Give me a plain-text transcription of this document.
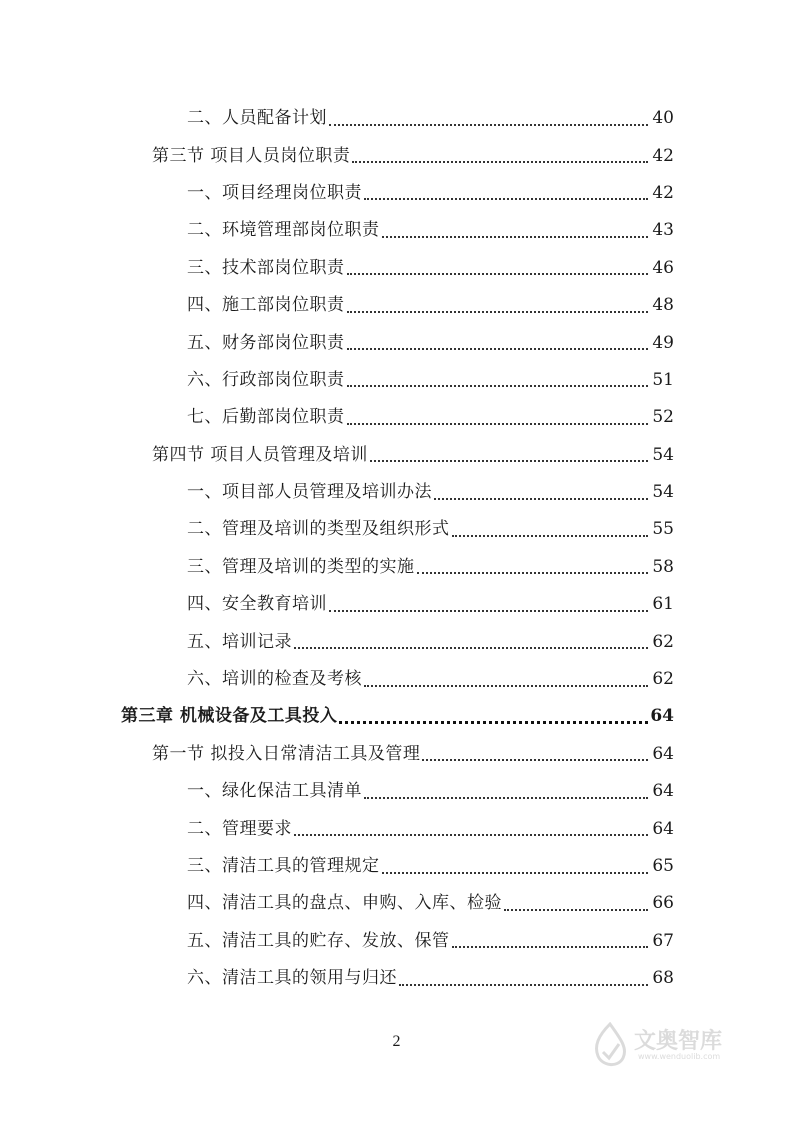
二、人员配备计划	40
第三节 项目人员岗位职责	42
一、项目经理岗位职责	42
二、环境管理部岗位职责	43
三、技术部岗位职责	46
四、施工部岗位职责	48
五、财务部岗位职责	49
六、行政部岗位职责	51
七、后勤部岗位职责	52
第四节 项目人员管理及培训	54
一、项目部人员管理及培训办法	54
二、管理及培训的类型及组织形式	55
三、管理及培训的类型的实施	58
四、安全教育培训	61
五、培训记录	62
六、培训的检查及考核	62
第三章 机械设备及工具投入	64
第一节 拟投入日常清洁工具及管理	64
一、绿化保洁工具清单	64
二、管理要求	64
三、清洁工具的管理规定	65
四、清洁工具的盘点、申购、入库、检验	66
五、清洁工具的贮存、发放、保管	67
六、清洁工具的领用与归还	68
2	文奥智库
www.wenduolib.com
